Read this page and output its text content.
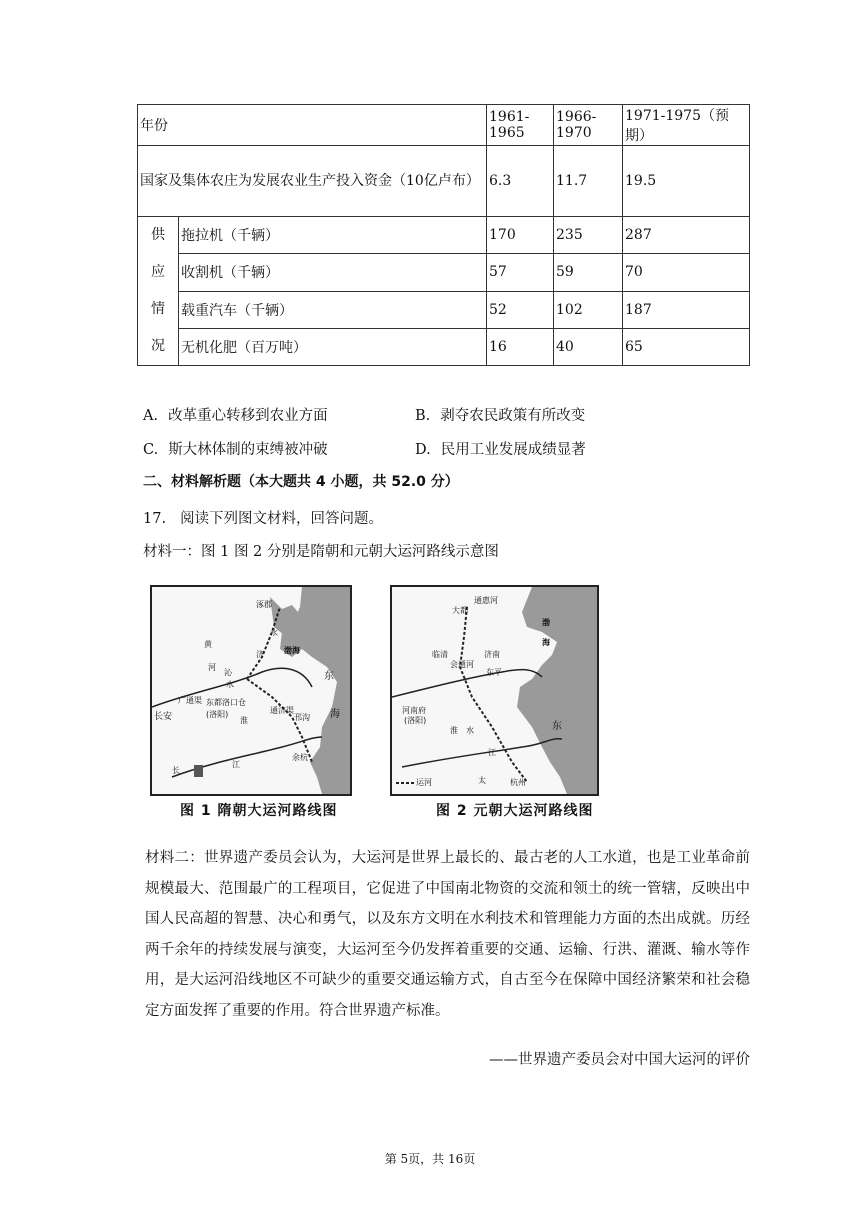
年份		1961-1965	1966-1970	1971-1975（预期）
国家及集体农庄为发展农业生产投入资金（10亿卢布）		6.3	11.7	19.5
供
应
情
况	拖拉机（千辆）	170	235	287
	收割机（千辆）	57	59	70
	载重汽车（千辆）	52	102	187
	无机化肥（百万吨）	16	40	65
A. 改革重心转移到农业方面	B. 剥夺农民政策有所改变
C. 斯大林体制的束缚被冲破	D. 民用工业发展成绩显著
二、材料解析题（本大题共 4 小题，共 52.0 分）
17. 阅读下列图文材料，回答问题。
材料一：图 1 图 2 分别是隋朝和元朝大运河路线示意图
涿郡
永
渤海
黄
河
济
沁
水
长安
广通渠 东都洛口仓
(洛阳)	通济渠
邗沟
淮
江
余杭
东
海
长
图 1 隋朝大运河路线图
大都
通惠河
渤
海
临清	济南
东平
会通河
河南府
(洛阳)
淮 水
江
杭州
东
太
运河
图 2 元朝大运河路线图
材料二：世界遗产委员会认为，大运河是世界上最长的、最古老的人工水道，也是工业革命前规模最大、范围最广的工程项目，它促进了中国南北物资的交流和领土的统一管辖，反映出中国人民高超的智慧、决心和勇气，以及东方文明在水利技术和管理能力方面的杰出成就。历经两千余年的持续发展与演变，大运河至今仍发挥着重要的交通、运输、行洪、灌溉、输水等作用，是大运河沿线地区不可缺少的重要交通运输方式，自古至今在保障中国经济繁荣和社会稳定方面发挥了重要的作用。符合世界遗产标准。
——世界遗产委员会对中国大运河的评价
第 5页，共 16页
